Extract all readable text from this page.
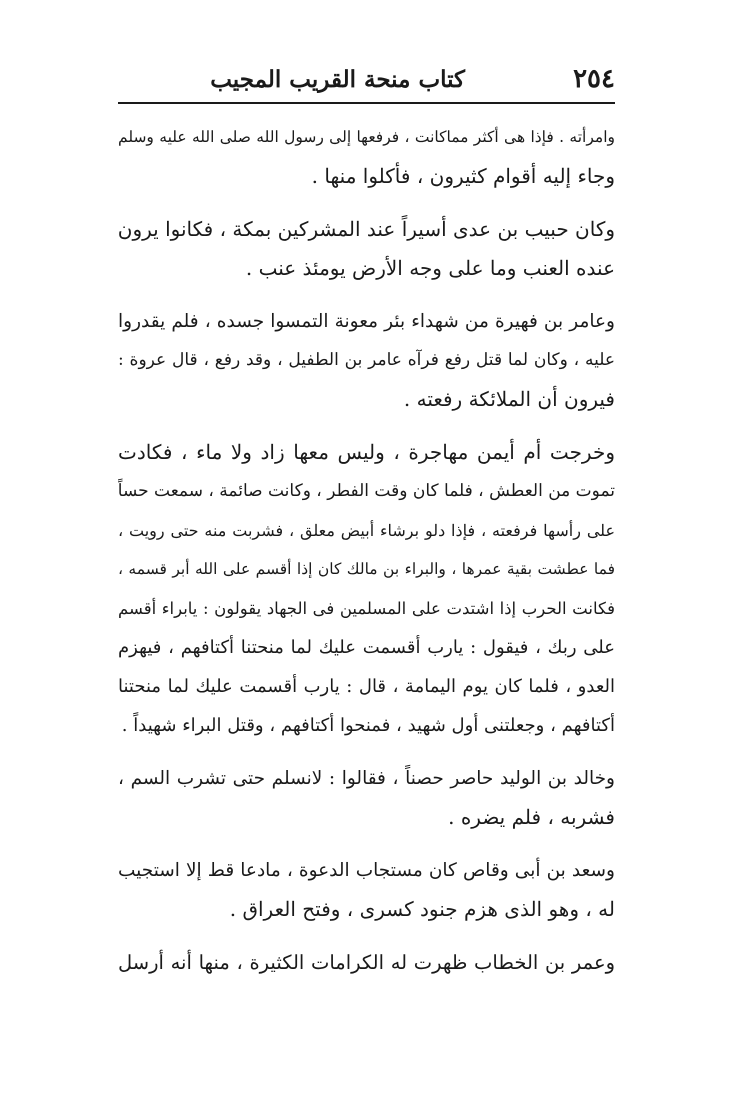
٢٥٤
كتاب منحة القريب المجيب
وامرأته . فإذا هى أكثر مماكانت ، فرفعها إلى رسول الله صلى الله عليه وسلم
وجاء إليه أقوام كثيرون ، فأكلوا منها .
وكان حبيب بن عدى أسيراً عند المشركين بمكة ، فكانوا يرون
عنده العنب وما على وجه الأرض يومئذ عنب .
وعامر بن فهيرة من شهداء بئر معونة التمسوا جسده ، فلم يقدروا
عليه ، وكان لما قتل رفع فرآه عامر بن الطفيل ، وقد رفع ، قال عروة :
فيرون أن الملائكة رفعته .
وخرجت أم أيمن مهاجرة ، وليس معها زاد ولا ماء ، فكادت
تموت من العطش ، فلما كان وقت الفطر ، وكانت صائمة ، سمعت حساً
على رأسها فرفعته ، فإذا دلو برشاء أبيض معلق ، فشربت منه حتى رويت ،
فما عطشت بقية عمرها ، والبراء بن مالك كان إذا أقسم على الله أبر قسمه ،
فكانت الحرب إذا اشتدت على المسلمين فى الجهاد يقولون : يابراء أقسم
على ربك ، فيقول : يارب أقسمت عليك لما منحتنا أكتافهم ، فيهزم
العدو ، فلما كان يوم اليمامة ، قال : يارب أقسمت عليك لما منحتنا
أكتافهم ، وجعلتنى أول شهيد ، فمنحوا أكتافهم ، وقتل البراء شهيداً .
وخالد بن الوليد حاصر حصناً ، فقالوا : لانسلم حتى تشرب السم ،
فشربه ، فلم يضره .
وسعد بن أبى وقاص كان مستجاب الدعوة ، مادعا قط إلا استجيب
له ، وهو الذى هزم جنود كسرى ، وفتح العراق .
وعمر بن الخطاب ظهرت له الكرامات الكثيرة ، منها أنه أرسل
